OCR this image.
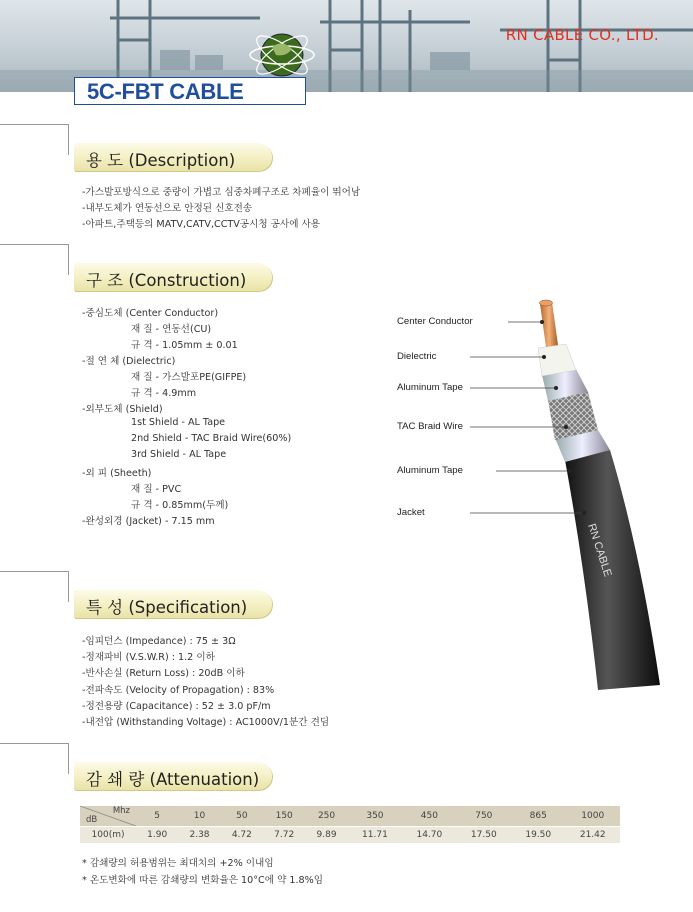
RN CABLE CO., LTD.
5C-FBT CABLE
용 도 (Description)
-가스발포방식으로 중량이 가볍고 심중차폐구조로 차폐율이 뛰어남
-내부도체가 연동선으로 안정된 신호전송
-아파트,주택등의 MATV,CATV,CCTV공시청 공사에 사용
구 조 (Construction)
-중심도체 (Center Conductor)
재 질 - 연동선(CU)
규 격 - 1.05mm ± 0.01
-절 연 체 (Dielectric)
재 질 - 가스발포PE(GIFPE)
규 격 - 4.9mm
-외부도체 (Shield)
1st Shield - AL Tape
2nd Shield - TAC Braid Wire(60%)
3rd Shield - AL Tape
-외 피 (Sheeth)
재 질 - PVC
규 격 - 0.85mm(두께)
-완성외경 (Jacket) - 7.15 mm
RN CABLE
Center Conductor
Dielectric
Aluminum Tape
TAC Braid Wire
Aluminum Tape
Jacket
특 성 (Specification)
-임피던스 (Impedance) : 75 ± 3Ω
-정재파비 (V.S.W.R) : 1.2 이하
-반사손실 (Return Loss) : 20dB 이하
-전파속도 (Velocity of Propagation) : 83%
-정전용량 (Capacitance) : 52 ± 3.0 pF/m
-내전압 (Withstanding Voltage) : AC1000V/1분간 견딤
감 쇄 량 (Attenuation)
Mhz
dB	5	10	50	150	250	350	450	750	865	1000
100(m)	1.90	2.38	4.72	7.72	9.89	11.71	14.70	17.50	19.50	21.42
* 감쇄량의 허용범위는 최대치의 +2% 이내임
* 온도변화에 따른 감쇄량의 변화율은 10°C에 약 1.8%임
